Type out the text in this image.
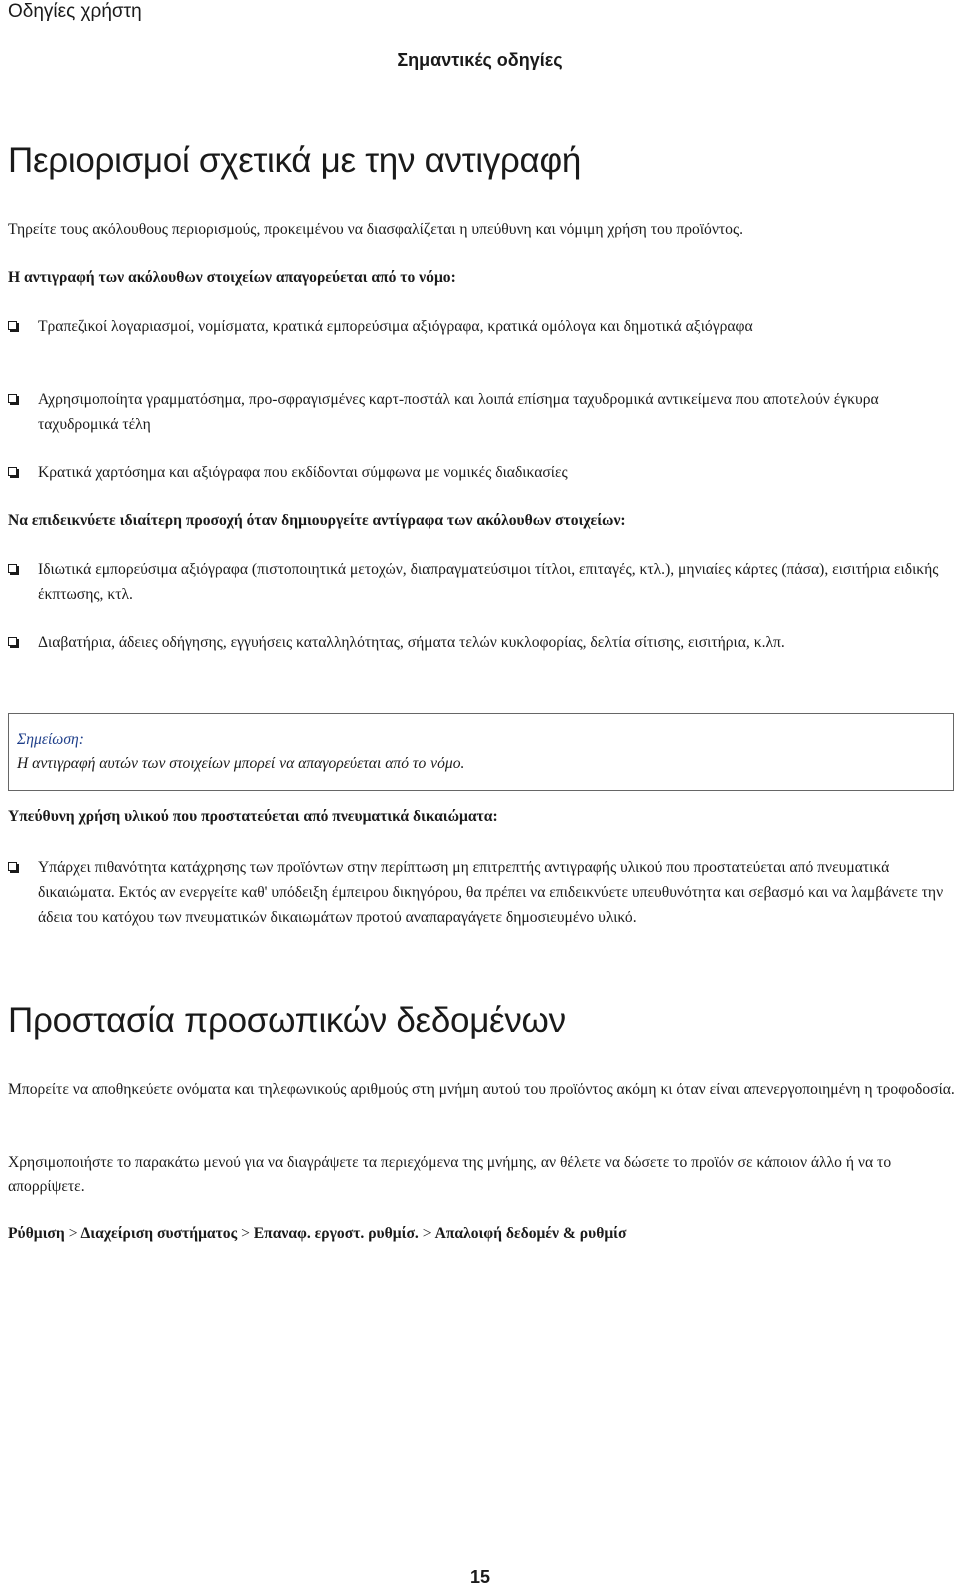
Οδηγίες χρήστη
Σημαντικές οδηγίες
Περιορισμοί σχετικά με την αντιγραφή

Τηρείτε τους ακόλουθους περιορισμούς, προκειμένου να διασφαλίζεται η υπεύθυνη και νόμιμη χρήση του προϊόντος.

Η αντιγραφή των ακόλουθων στοιχείων απαγορεύεται από το νόμο:

Τραπεζικοί λογαριασμοί, νομίσματα, κρατικά εμπορεύσιμα αξιόγραφα, κρατικά ομόλογα και δημοτικά αξιόγραφα
Αχρησιμοποίητα γραμματόσημα, προ-σφραγισμένες καρτ-ποστάλ και λοιπά επίσημα ταχυδρομικά αντικείμενα που αποτελούν έγκυρα ταχυδρομικά τέλη
Κρατικά χαρτόσημα και αξιόγραφα που εκδίδονται σύμφωνα με νομικές διαδικασίες

Να επιδεικνύετε ιδιαίτερη προσοχή όταν δημιουργείτε αντίγραφα των ακόλουθων στοιχείων:

Ιδιωτικά εμπορεύσιμα αξιόγραφα (πιστοποιητικά μετοχών, διαπραγματεύσιμοι τίτλοι, επιταγές, κτλ.), μηνιαίες κάρτες (πάσα), εισιτήρια ειδικής έκπτωσης, κτλ.
Διαβατήρια, άδειες οδήγησης, εγγυήσεις καταλληλότητας, σήματα τελών κυκλοφορίας, δελτία σίτισης, εισιτήρια, κ.λπ.
Σημείωση:
Η αντιγραφή αυτών των στοιχείων μπορεί να απαγορεύεται από το νόμο.

Υπεύθυνη χρήση υλικού που προστατεύεται από πνευματικά δικαιώματα:

Υπάρχει πιθανότητα κατάχρησης των προϊόντων στην περίπτωση μη επιτρεπτής αντιγραφής υλικού που προστατεύεται από πνευματικά δικαιώματα. Εκτός αν ενεργείτε καθ' υπόδειξη έμπειρου δικηγόρου, θα πρέπει να επιδεικνύετε υπευθυνότητα και σεβασμό και να λαμβάνετε την άδεια του κατόχου των πνευματικών δικαιωμάτων προτού αναπαραγάγετε δημοσιευμένο υλικό.
Προστασία προσωπικών δεδομένων

Μπορείτε να αποθηκεύετε ονόματα και τηλεφωνικούς αριθμούς στη μνήμη αυτού του προϊόντος ακόμη κι όταν είναι απενεργοποιημένη η τροφοδοσία.

Χρησιμοποιήστε το παρακάτω μενού για να διαγράψετε τα περιεχόμενα της μνήμης, αν θέλετε να δώσετε το προϊόν σε κάποιον άλλο ή να το απορρίψετε.

Ρύθμιση > Διαχείριση συστήματος > Επαναφ. εργοστ. ρυθμίσ. > Απαλοιφή δεδομέν & ρυθμίσ

15
